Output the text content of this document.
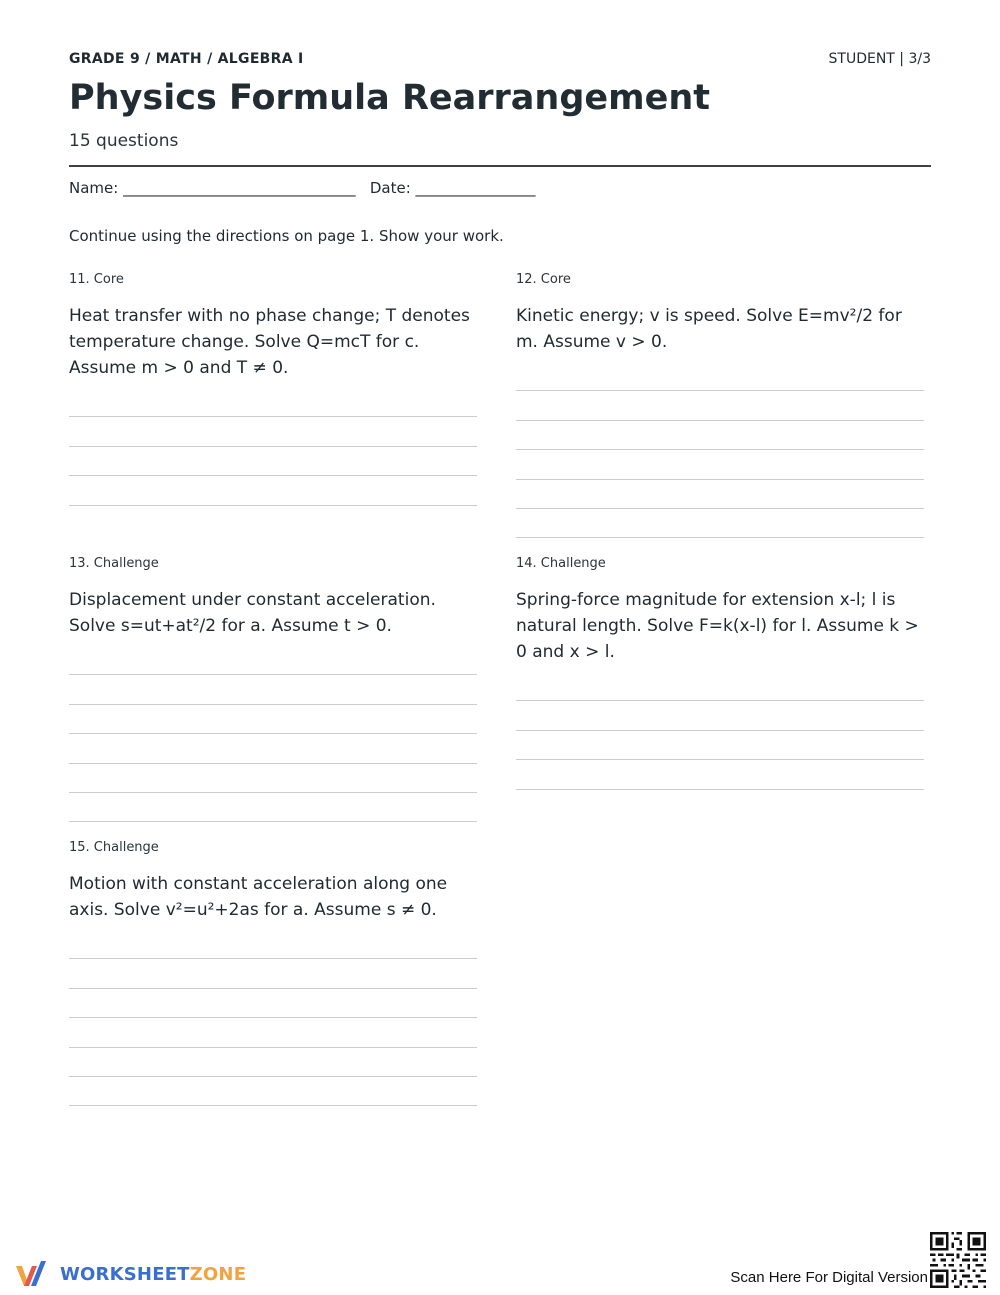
GRADE 9 / MATH / ALGEBRA I	STUDENT | 3/3
Physics Formula Rearrangement
15 questions
Name: _______________________________   Date: ________________
Continue using the directions on page 1. Show your work.
11. Core
Heat transfer with no phase change; T denotes temperature change. Solve Q=mcT for c. Assume m > 0 and T ≠ 0.
12. Core
Kinetic energy; v is speed. Solve E=mv²/2 for m. Assume v > 0.
13. Challenge
Displacement under constant acceleration. Solve s=ut+at²/2 for a. Assume t > 0.
14. Challenge
Spring-force magnitude for extension x-l; l is natural length. Solve F=k(x-l) for l. Assume k > 0 and x > l.
15. Challenge
Motion with constant acceleration along one axis. Solve v²=u²+2as for a. Assume s ≠ 0.
WORKSHEETZONE	Scan Here For Digital Version
